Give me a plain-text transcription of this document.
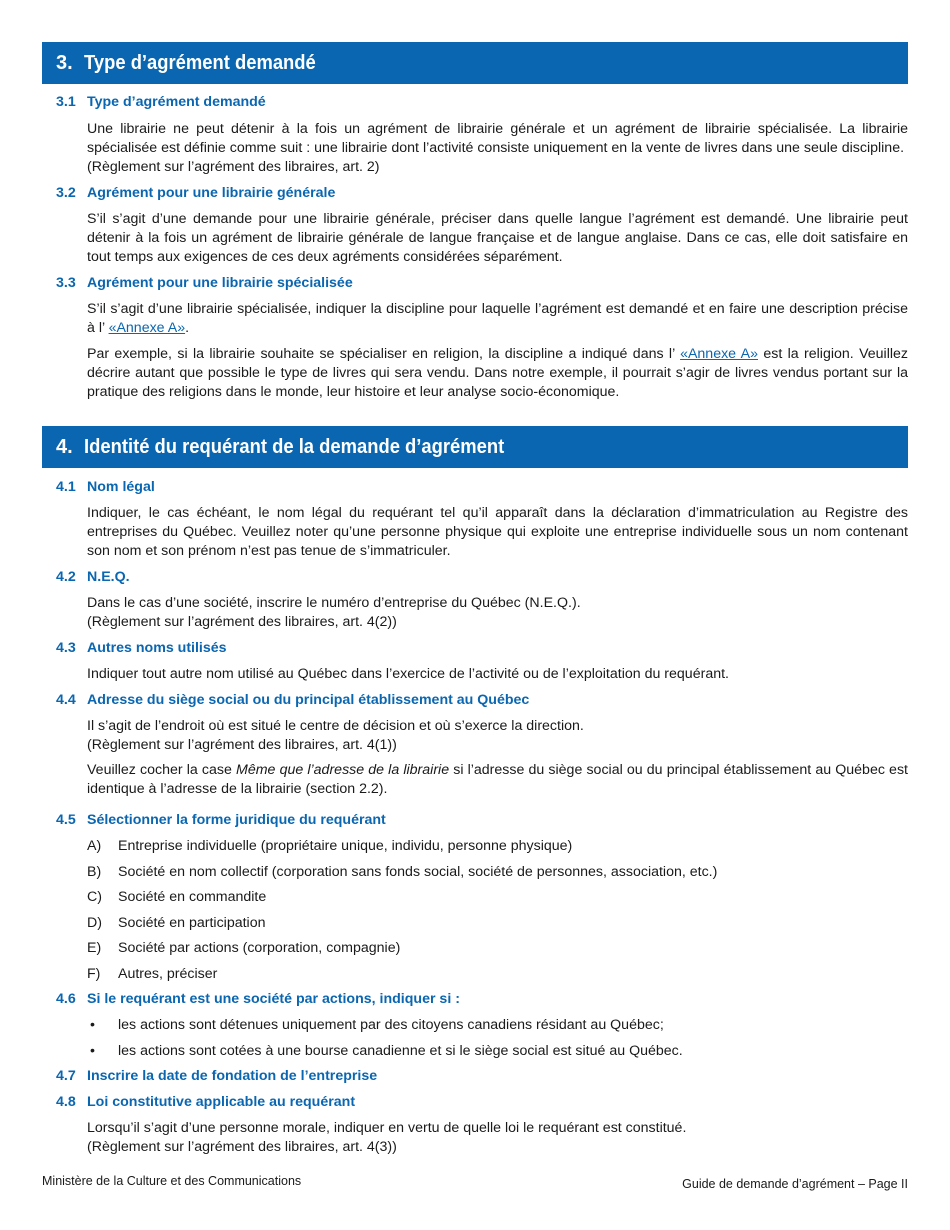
3. Type d’agrément demandé
3.1 Type d’agrément demandé

Une librairie ne peut détenir à la fois un agrément de librairie générale et un agrément de librairie spécialisée. La librairie spécialisée est définie comme suit : une librairie dont l’activité consiste uniquement en la vente de livres dans une seule discipline.

(Règlement sur l’agrément des libraires, art. 2)

3.2 Agrément pour une librairie générale

S’il s’agit d’une demande pour une librairie générale, préciser dans quelle langue l’agrément est demandé. Une librairie peut détenir à la fois un agrément de librairie générale de langue française et de langue anglaise. Dans ce cas, elle doit satisfaire en tout temps aux exigences de ces deux agréments considérées séparément.

3.3 Agrément pour une librairie spécialisée

S’il s’agit d’une librairie spécialisée, indiquer la discipline pour laquelle l’agrément est demandé et en faire une description précise à l’ «Annexe A».

Par exemple, si la librairie souhaite se spécialiser en religion, la discipline a indiqué dans l’ «Annexe A» est la religion. Veuillez décrire autant que possible le type de livres qui sera vendu. Dans notre exemple, il pourrait s’agir de livres vendus portant sur la pratique des religions dans le monde, leur histoire et leur analyse socio-économique.

4. Identité du requérant de la demande d’agrément
4.1 Nom légal

Indiquer, le cas échéant, le nom légal du requérant tel qu’il apparaît dans la déclaration d’immatriculation au Registre des entreprises du Québec. Veuillez noter qu’une personne physique qui exploite une entreprise individuelle sous un nom contenant son nom et son prénom n’est pas tenue de s’immatriculer.

4.2 N.E.Q.

Dans le cas d’une société, inscrire le numéro d’entreprise du Québec (N.E.Q.).

(Règlement sur l’agrément des libraires, art. 4(2))

4.3 Autres noms utilisés

Indiquer tout autre nom utilisé au Québec dans l’exercice de l’activité ou de l’exploitation du requérant.

4.4 Adresse du siège social ou du principal établissement au Québec

Il s’agit de l’endroit où est situé le centre de décision et où s’exerce la direction.

(Règlement sur l’agrément des libraires, art. 4(1))

Veuillez cocher la case Même que l’adresse de la librairie si l’adresse du siège social ou du principal établissement au Québec est identique à l’adresse de la librairie (section 2.2).

4.5 Sélectionner la forme juridique du requérant
A) Entreprise individuelle (propriétaire unique, individu, personne physique)
B) Société en nom collectif (corporation sans fonds social, société de personnes, association, etc.)
C) Société en commandite
D) Société en participation
E) Société par actions (corporation, compagnie)
F) Autres, préciser
4.6 Si le requérant est une société par actions, indiquer si :
• les actions sont détenues uniquement par des citoyens canadiens résidant au Québec;
• les actions sont cotées à une bourse canadienne et si le siège social est situé au Québec.
4.7 Inscrire la date de fondation de l’entreprise
4.8 Loi constitutive applicable au requérant

Lorsqu’il s’agit d’une personne morale, indiquer en vertu de quelle loi le requérant est constitué.

(Règlement sur l’agrément des libraires, art. 4(3))

Ministère de la Culture et des Communications	Guide de demande d’agrément – Page II
